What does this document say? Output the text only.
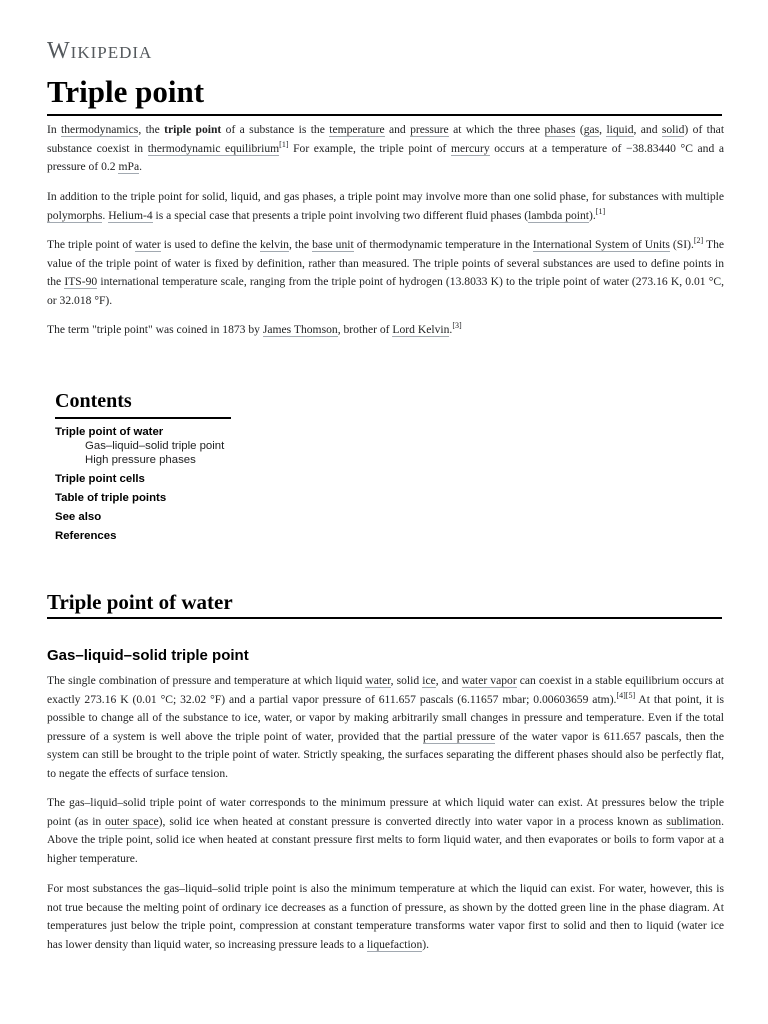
Wikipedia
Triple point

In thermodynamics, the triple point of a substance is the temperature and pressure at which the three phases (gas, liquid, and solid) of that substance coexist in thermodynamic equilibrium[1] For example, the triple point of mercury occurs at a temperature of −38.83440 °C and a pressure of 0.2 mPa.

In addition to the triple point for solid, liquid, and gas phases, a triple point may involve more than one solid phase, for substances with multiple polymorphs. Helium-4 is a special case that presents a triple point involving two different fluid phases (lambda point).[1]

The triple point of water is used to define the kelvin, the base unit of thermodynamic temperature in the International System of Units (SI).[2] The value of the triple point of water is fixed by definition, rather than measured. The triple points of several substances are used to define points in the ITS-90 international temperature scale, ranging from the triple point of hydrogen (13.8033 K) to the triple point of water (273.16 K, 0.01 °C, or 32.018 °F).

The term "triple point" was coined in 1873 by James Thomson, brother of Lord Kelvin.[3]

Contents
Triple point of water
Gas–liquid–solid triple point
High pressure phases
Triple point cells
Table of triple points
See also
References
Triple point of water
Gas–liquid–solid triple point

The single combination of pressure and temperature at which liquid water, solid ice, and water vapor can coexist in a stable equilibrium occurs at exactly 273.16 K (0.01 °C; 32.02 °F) and a partial vapor pressure of 611.657 pascals (6.11657 mbar; 0.00603659 atm).[4][5] At that point, it is possible to change all of the substance to ice, water, or vapor by making arbitrarily small changes in pressure and temperature. Even if the total pressure of a system is well above the triple point of water, provided that the partial pressure of the water vapor is 611.657 pascals, then the system can still be brought to the triple point of water. Strictly speaking, the surfaces separating the different phases should also be perfectly flat, to negate the effects of surface tension.

The gas–liquid–solid triple point of water corresponds to the minimum pressure at which liquid water can exist. At pressures below the triple point (as in outer space), solid ice when heated at constant pressure is converted directly into water vapor in a process known as sublimation. Above the triple point, solid ice when heated at constant pressure first melts to form liquid water, and then evaporates or boils to form vapor at a higher temperature.

For most substances the gas–liquid–solid triple point is also the minimum temperature at which the liquid can exist. For water, however, this is not true because the melting point of ordinary ice decreases as a function of pressure, as shown by the dotted green line in the phase diagram. At temperatures just below the triple point, compression at constant temperature transforms water vapor first to solid and then to liquid (water ice has lower density than liquid water, so increasing pressure leads to a liquefaction).
